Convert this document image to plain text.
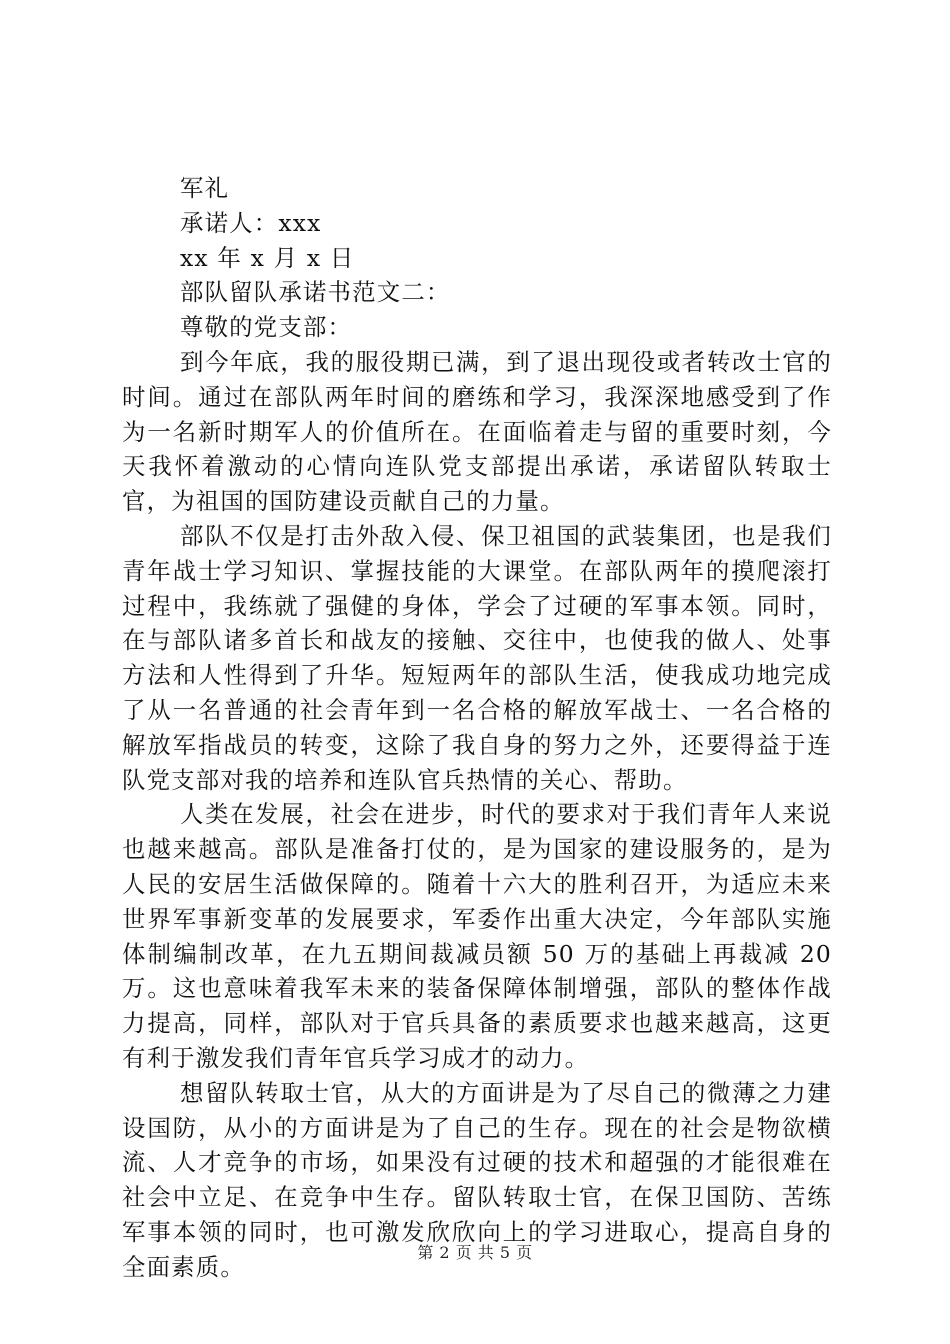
军礼
承诺人：xxx
xx 年 x 月 x 日
部队留队承诺书范文二：
尊敬的党支部：

到今年底，我的服役期已满，到了退出现役或者转改士官的时间。通过在部队两年时间的磨练和学习，我深深地感受到了作为一名新时期军人的价值所在。在面临着走与留的重要时刻，今天我怀着激动的心情向连队党支部提出承诺，承诺留队转取士官，为祖国的国防建设贡献自己的力量。

部队不仅是打击外敌入侵、保卫祖国的武装集团，也是我们青年战士学习知识、掌握技能的大课堂。在部队两年的摸爬滚打过程中，我练就了强健的身体，学会了过硬的军事本领。同时，在与部队诸多首长和战友的接触、交往中，也使我的做人、处事方法和人性得到了升华。短短两年的部队生活，使我成功地完成了从一名普通的社会青年到一名合格的解放军战士、一名合格的解放军指战员的转变，这除了我自身的努力之外，还要得益于连队党支部对我的培养和连队官兵热情的关心、帮助。

人类在发展，社会在进步，时代的要求对于我们青年人来说也越来越高。部队是准备打仗的，是为国家的建设服务的，是为人民的安居生活做保障的。随着十六大的胜利召开，为适应未来世界军事新变革的发展要求，军委作出重大决定，今年部队实施体制编制改革，在九五期间裁减员额 50 万的基础上再裁减 20 万。这也意味着我军未来的装备保障体制增强，部队的整体作战力提高，同样，部队对于官兵具备的素质要求也越来越高，这更有利于激发我们青年官兵学习成才的动力。

想留队转取士官，从大的方面讲是为了尽自己的微薄之力建设国防，从小的方面讲是为了自己的生存。现在的社会是物欲横流、人才竞争的市场，如果没有过硬的技术和超强的才能很难在社会中立足、在竞争中生存。留队转取士官，在保卫国防、苦练军事本领的同时，也可激发欣欣向上的学习进取心，提高自身的全面素质。

第 2 页 共 5 页
